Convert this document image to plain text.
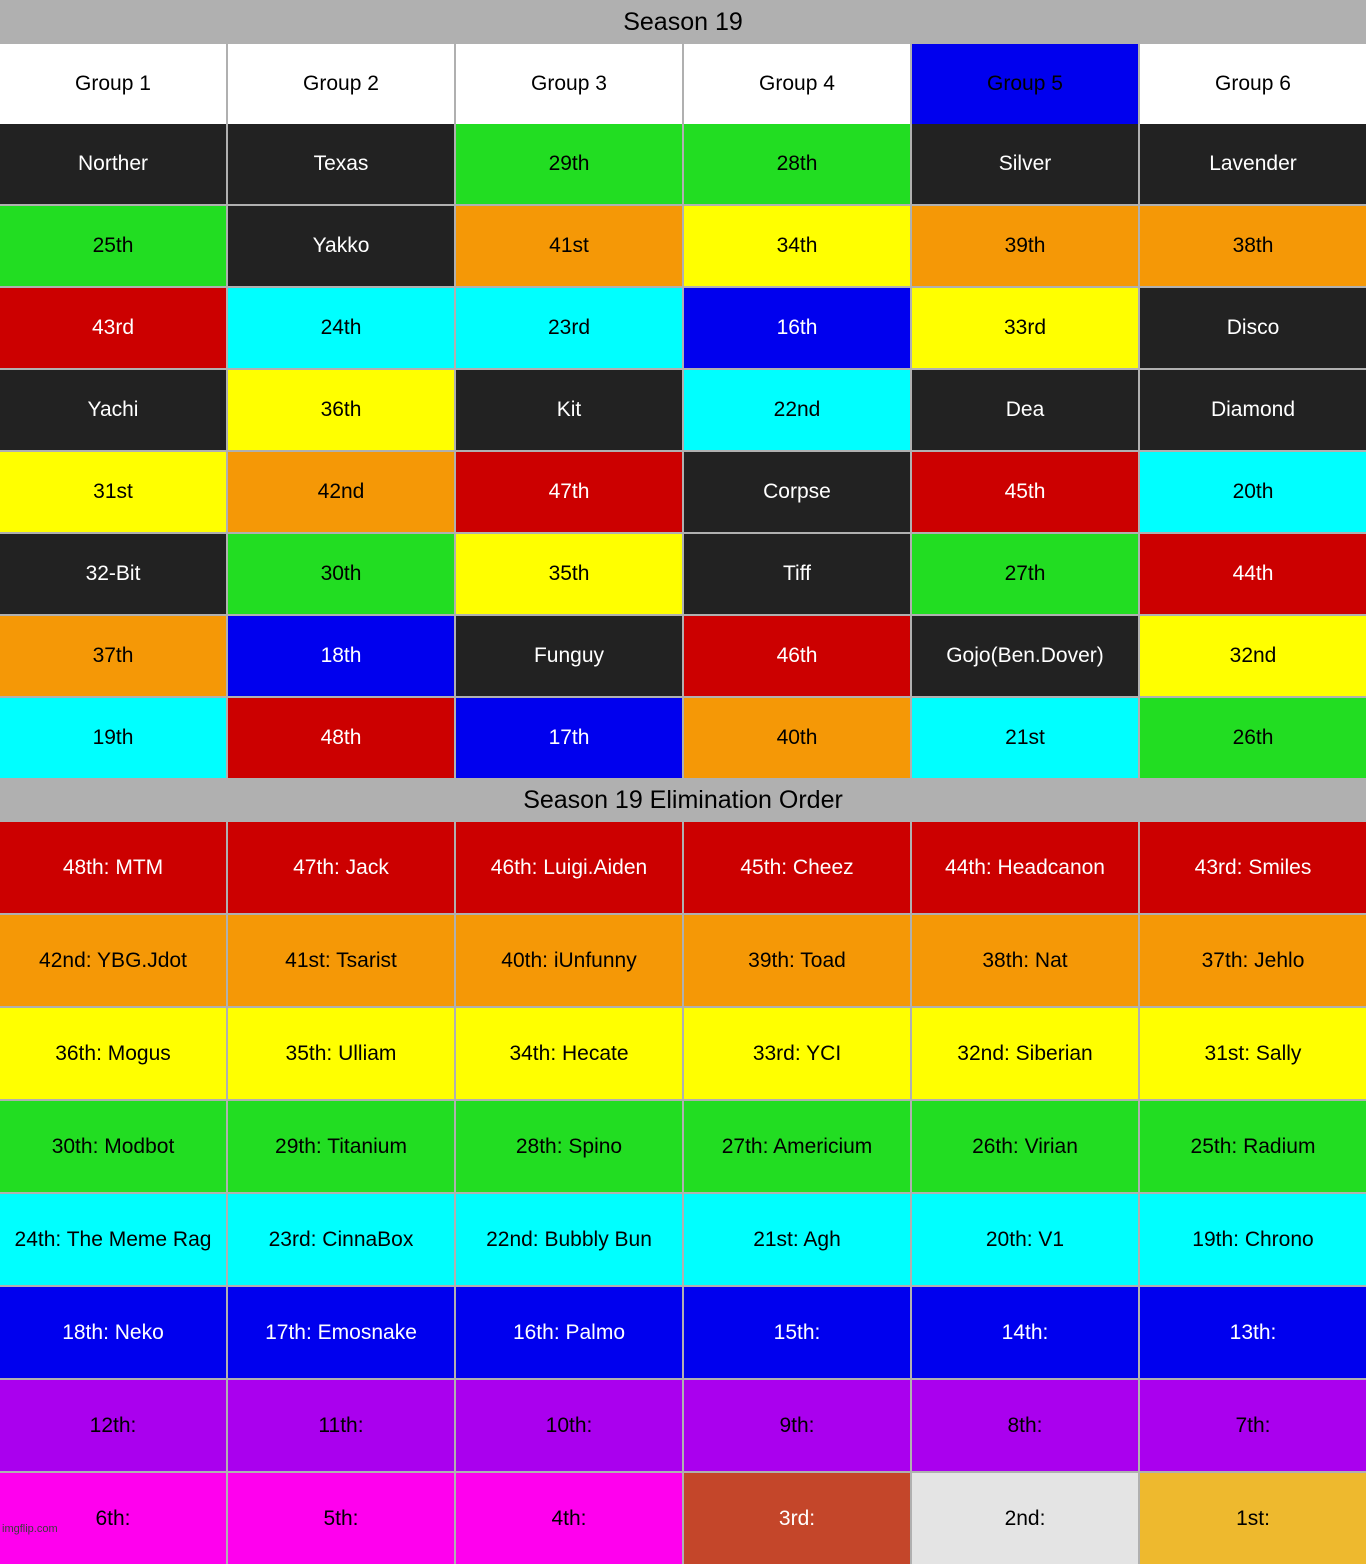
Season 19
Group 1	Group 2	Group 3	Group 4	Group 5	Group 6
Norther	Texas	29th	28th	Silver	Lavender
25th	Yakko	41st	34th	39th	38th
43rd	24th	23rd	16th	33rd	Disco
Yachi	36th	Kit	22nd	Dea	Diamond
31st	42nd	47th	Corpse	45th	20th
32-Bit	30th	35th	Tiff	27th	44th
37th	18th	Funguy	46th	Gojo(Ben.Dover)	32nd
19th	48th	17th	40th	21st	26th
Season 19 Elimination Order
48th: MTM	47th: Jack	46th: Luigi.Aiden	45th: Cheez	44th: Headcanon	43rd: Smiles
42nd: YBG.Jdot	41st: Tsarist	40th: iUnfunny	39th: Toad	38th: Nat	37th: Jehlo
36th: Mogus	35th: Ulliam	34th: Hecate	33rd: YCI	32nd: Siberian	31st: Sally
30th: Modbot	29th: Titanium	28th: Spino	27th: Americium	26th: Virian	25th: Radium
24th: The Meme Rag	23rd: CinnaBox	22nd: Bubbly Bun	21st: Agh	20th: V1	19th: Chrono
18th: Neko	17th: Emosnake	16th: Palmo	15th:	14th:	13th:
12th:	11th:	10th:	9th:	8th:	7th:
6th:	5th:	4th:	3rd:	2nd:	1st:
imgflip.com
